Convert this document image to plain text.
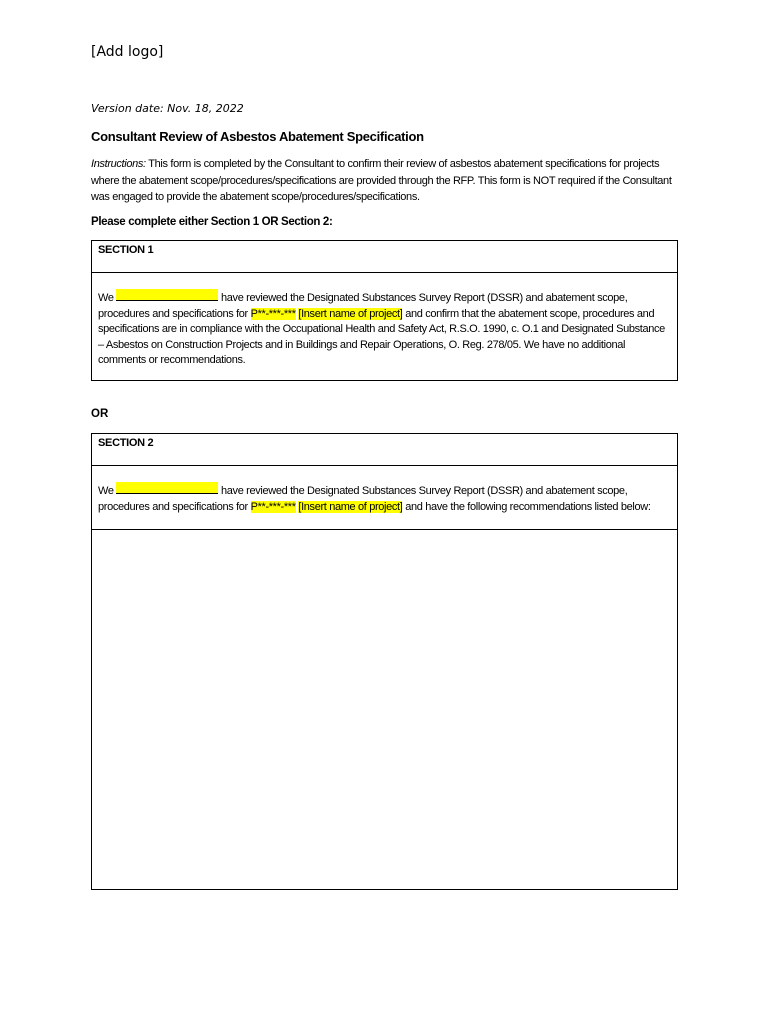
[Add logo]
Version date: Nov. 18, 2022
Consultant Review of Asbestos Abatement Specification
Instructions: This form is completed by the Consultant to confirm their review of asbestos abatement specifications for projects where the abatement scope/procedures/specifications are provided through the RFP. This form is NOT required if the Consultant was engaged to provide the abatement scope/procedures/specifications.
Please complete either Section 1 OR Section 2:
SECTION 1
We	have reviewed the Designated Substances Survey Report (DSSR) and abatement scope, procedures and specifications for P**-***-*** [Insert name of project] and confirm that the abatement scope, procedures and specifications are in compliance with the Occupational Health and Safety Act, R.S.O. 1990, c. O.1 and Designated Substance – Asbestos on Construction Projects and in Buildings and Repair Operations, O. Reg. 278/05. We have no additional comments or recommendations.
OR
SECTION 2
We	have reviewed the Designated Substances Survey Report (DSSR) and abatement scope, procedures and specifications for P**-***-*** [Insert name of project] and have the following recommendations listed below:
